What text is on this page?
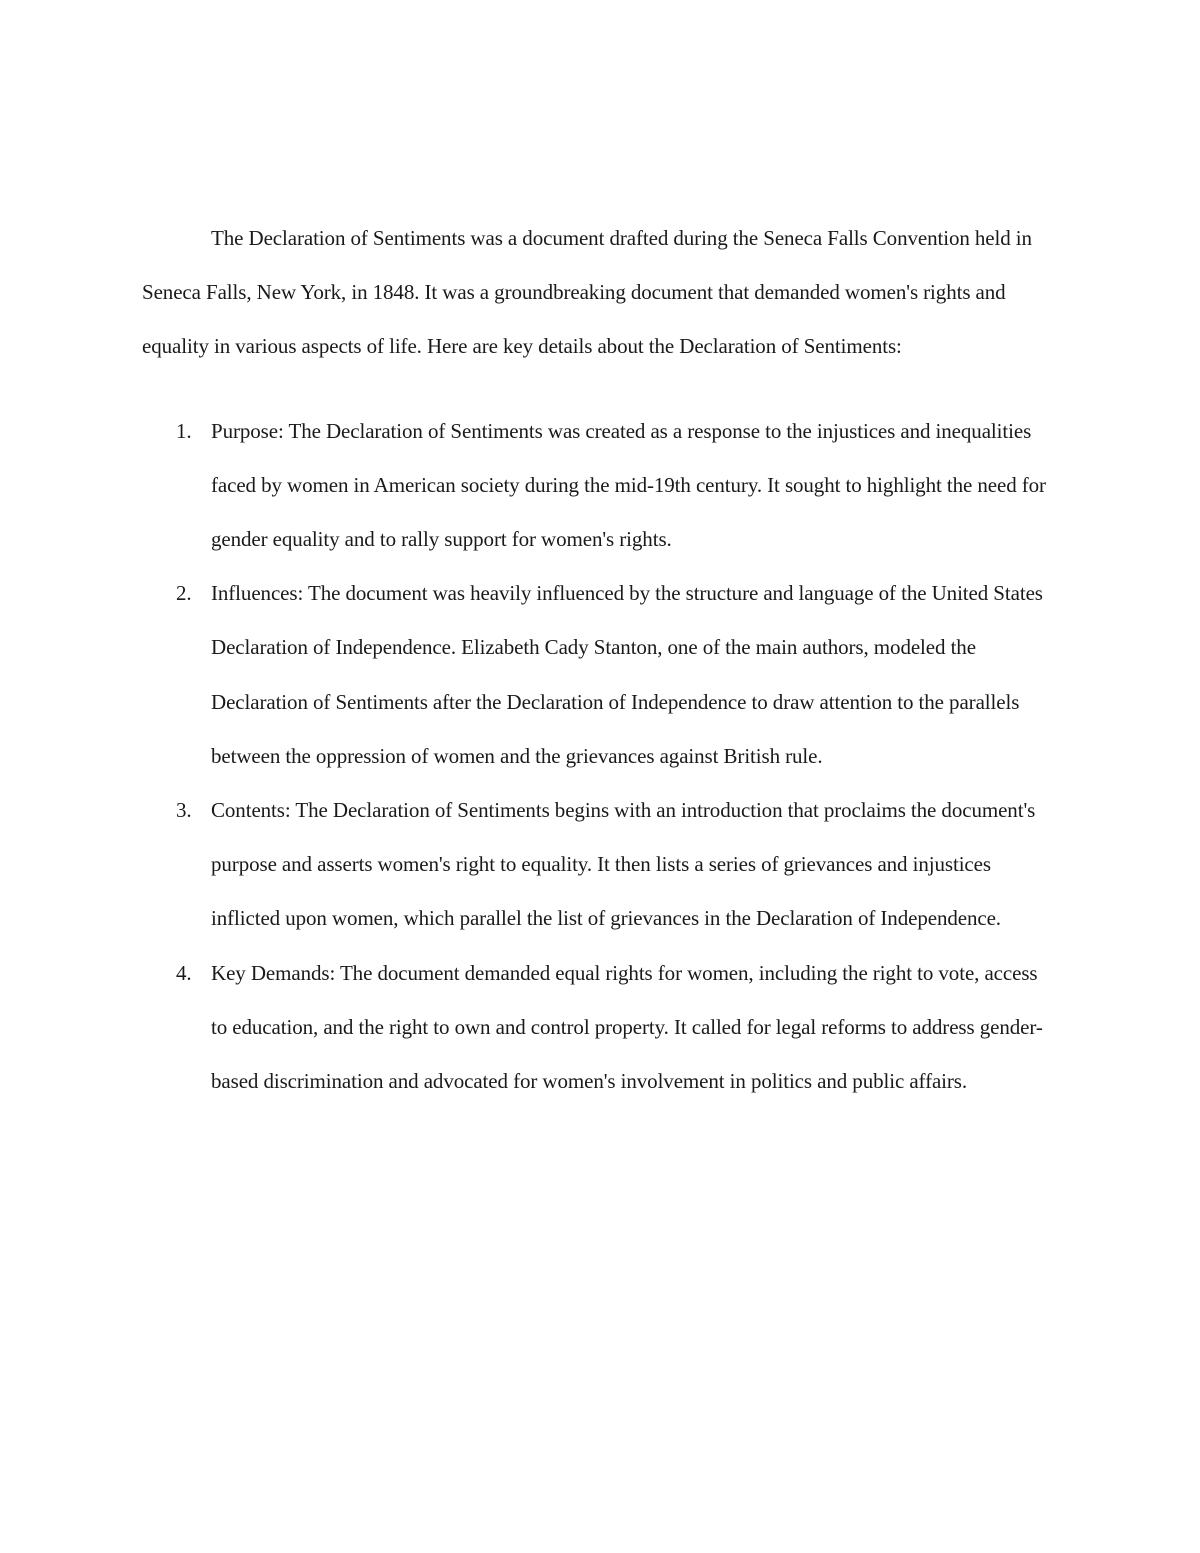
The Declaration of Sentiments was a document drafted during the Seneca Falls Convention held in Seneca Falls, New York, in 1848. It was a groundbreaking document that demanded women's rights and equality in various aspects of life. Here are key details about the Declaration of Sentiments:

1. Purpose: The Declaration of Sentiments was created as a response to the injustices and inequalities faced by women in American society during the mid-19th century. It sought to highlight the need for gender equality and to rally support for women's rights.
2. Influences: The document was heavily influenced by the structure and language of the United States Declaration of Independence. Elizabeth Cady Stanton, one of the main authors, modeled the Declaration of Sentiments after the Declaration of Independence to draw attention to the parallels between the oppression of women and the grievances against British rule.
3. Contents: The Declaration of Sentiments begins with an introduction that proclaims the document's purpose and asserts women's right to equality. It then lists a series of grievances and injustices inflicted upon women, which parallel the list of grievances in the Declaration of Independence.
4. Key Demands: The document demanded equal rights for women, including the right to vote, access to education, and the right to own and control property. It called for legal reforms to address gender-based discrimination and advocated for women's involvement in politics and public affairs.
